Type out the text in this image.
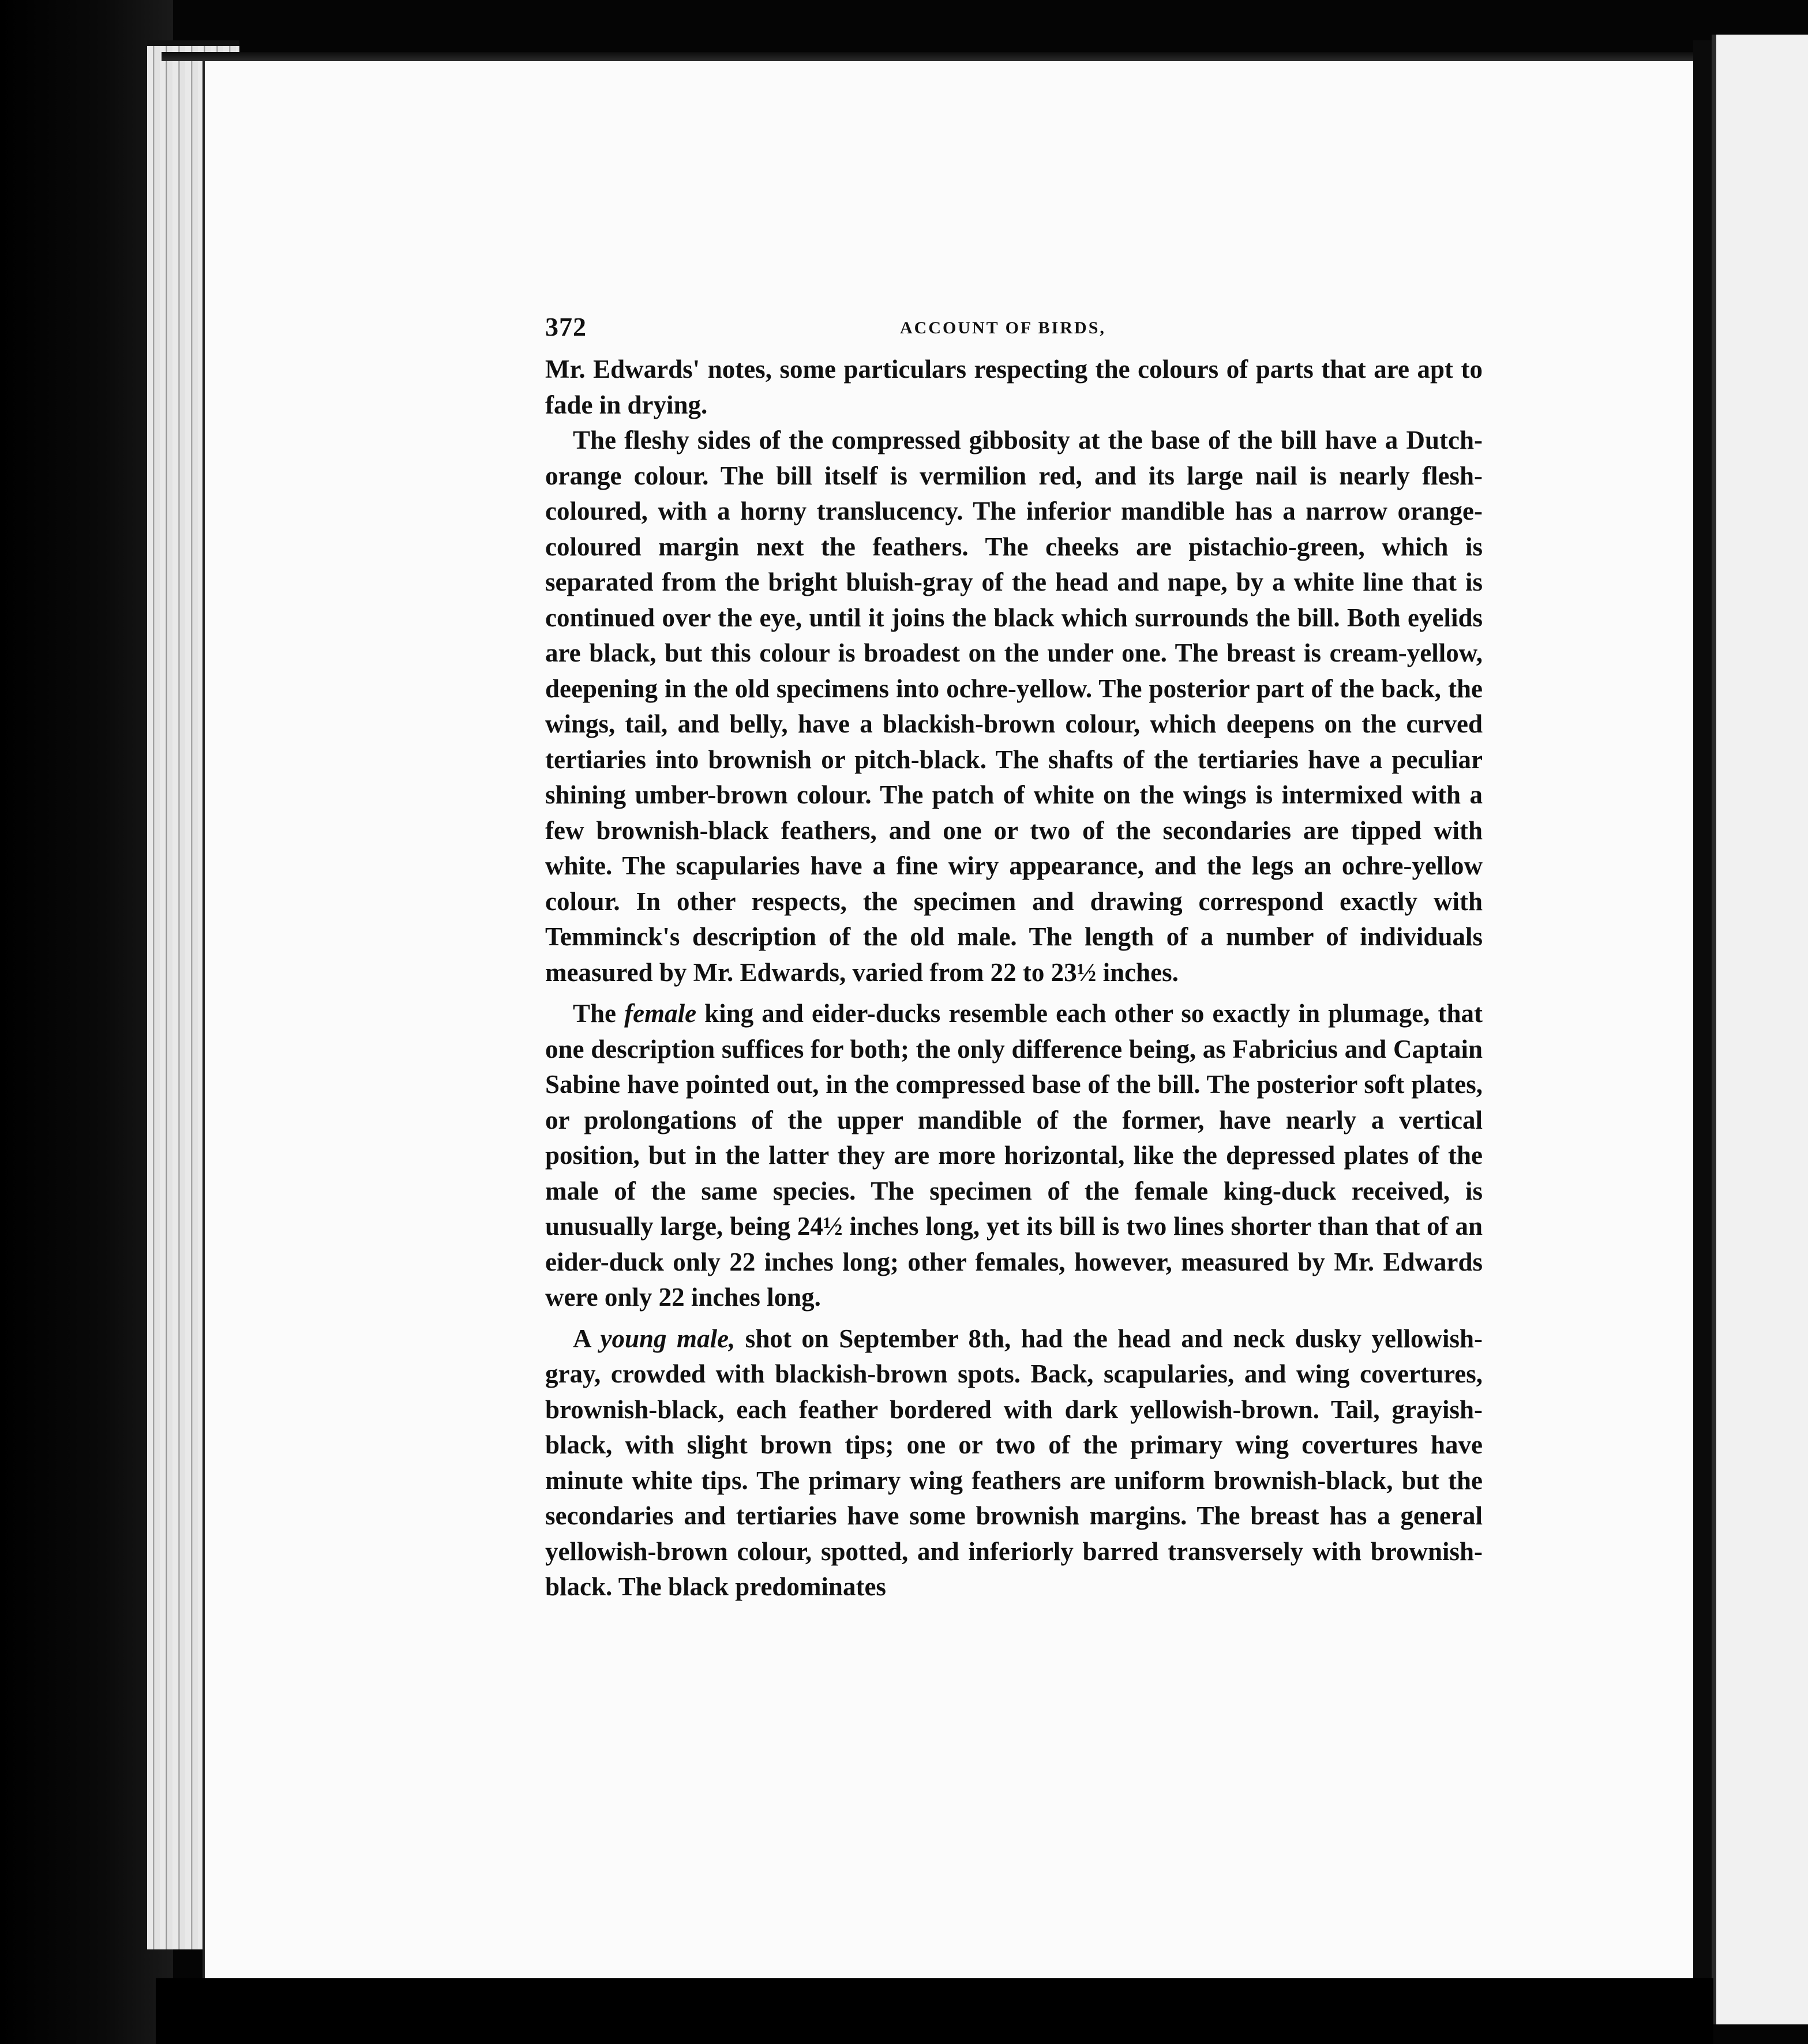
372	ACCOUNT OF BIRDS,

Mr. Edwards' notes, some particulars respecting the colours of parts that are apt to fade in drying.

The fleshy sides of the compressed gibbosity at the base of the bill have a Dutch-orange colour. The bill itself is vermilion red, and its large nail is nearly flesh-coloured, with a horny translucency. The inferior mandible has a narrow orange-coloured margin next the feathers. The cheeks are pistachio-green, which is separated from the bright bluish-gray of the head and nape, by a white line that is continued over the eye, until it joins the black which surrounds the bill. Both eyelids are black, but this colour is broadest on the under one. The breast is cream-yellow, deepening in the old specimens into ochre-yellow. The posterior part of the back, the wings, tail, and belly, have a blackish-brown colour, which deepens on the curved tertiaries into brownish or pitch-black. The shafts of the tertiaries have a peculiar shining umber-brown colour. The patch of white on the wings is intermixed with a few brownish-black feathers, and one or two of the secondaries are tipped with white. The scapularies have a fine wiry appearance, and the legs an ochre-yellow colour. In other respects, the specimen and drawing correspond exactly with Temminck's description of the old male. The length of a number of individuals measured by Mr. Edwards, varied from 22 to 23½ inches.

The female king and eider-ducks resemble each other so exactly in plumage, that one description suffices for both; the only difference being, as Fabricius and Captain Sabine have pointed out, in the compressed base of the bill. The posterior soft plates, or prolongations of the upper mandible of the former, have nearly a vertical position, but in the latter they are more horizontal, like the depressed plates of the male of the same species. The specimen of the female king-duck received, is unusually large, being 24½ inches long, yet its bill is two lines shorter than that of an eider-duck only 22 inches long; other females, however, measured by Mr. Edwards were only 22 inches long.

A young male, shot on September 8th, had the head and neck dusky yellowish-gray, crowded with blackish-brown spots. Back, scapularies, and wing covertures, brownish-black, each feather bordered with dark yellowish-brown. Tail, grayish-black, with slight brown tips; one or two of the primary wing covertures have minute white tips. The primary wing feathers are uniform brownish-black, but the secondaries and tertiaries have some brownish margins. The breast has a general yellowish-brown colour, spotted, and inferiorly barred transversely with brownish-black. The black predominates
